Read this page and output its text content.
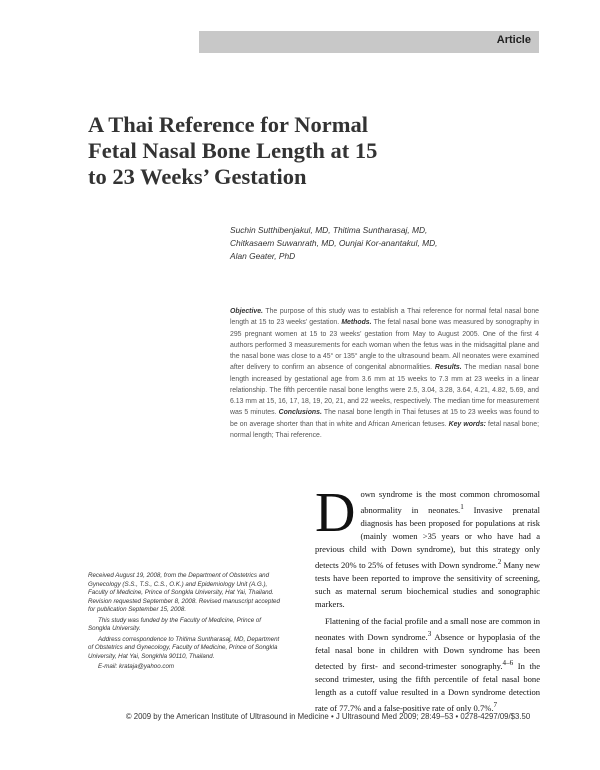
Article
A Thai Reference for Normal
Fetal Nasal Bone Length at 15
to 23 Weeks’ Gestation
Suchin Sutthibenjakul, MD, Thitima Suntharasaj, MD,
Chitkasaem Suwanrath, MD, Ounjai Kor-anantakul, MD,
Alan Geater, PhD

Objective. The purpose of this study was to establish a Thai reference for normal fetal nasal bone length at 15 to 23 weeks’ gestation. Methods. The fetal nasal bone was measured by sonography in 295 pregnant women at 15 to 23 weeks’ gestation from May to August 2005. One of the first 4 authors performed 3 measurements for each woman when the fetus was in the midsagittal plane and the nasal bone was close to a 45° or 135° angle to the ultrasound beam. All neonates were examined after delivery to confirm an absence of congenital abnormalities. Results. The median nasal bone length increased by gestational age from 3.6 mm at 15 weeks to 7.3 mm at 23 weeks in a linear relationship. The fifth percentile nasal bone lengths were 2.5, 3.04, 3.28, 3.64, 4.21, 4.82, 5.69, and 6.13 mm at 15, 16, 17, 18, 19, 20, 21, and 22 weeks, respectively. The median time for measurement was 5 minutes. Conclusions. The nasal bone length in Thai fetuses at 15 to 23 weeks was found to be on average shorter than that in white and African American fetuses. Key words: fetal nasal bone; normal length; Thai reference.

Down syndrome is the most common chromosomal abnormality in neonates.$^1$ Invasive prenatal diagnosis has been proposed for populations at risk (mainly women >35 years or who have had a previous child with Down syndrome), but this strategy only detects 20% to 25% of fetuses with Down syndrome.$^2$ Many new tests have been reported to improve the sensitivity of screening, such as maternal serum biochemical studies and sonographic markers.

Flattening of the facial profile and a small nose are common in neonates with Down syndrome.$^3$ Absence or hypoplasia of the fetal nasal bone in children with Down syndrome has been detected by first- and second-trimester sonography.$^{4-6}$ In the second trimester, using the fifth percentile of fetal nasal bone length as a cutoff value resulted in a Down syndrome detection rate of 77.7% and a false-positive rate of only 0.7%.$^7$

Received August 19, 2008, from the Department of Obstetrics and Gynecology (S.S., T.S., C.S., O.K.) and Epidemiology Unit (A.G.), Faculty of Medicine, Prince of Songkla University, Hat Yai, Thailand. Revision requested September 8, 2008. Revised manuscript accepted for publication September 15, 2008.

This study was funded by the Faculty of Medicine, Prince of Songkla University.

Address correspondence to Thitima Suntharasaj, MD, Department of Obstetrics and Gynecology, Faculty of Medicine, Prince of Songkla University, Hat Yai, Songkhla 90110, Thailand.

E-mail: krataja@yahoo.com

© 2009 by the American Institute of Ultrasound in Medicine • J Ultrasound Med 2009; 28:49–53 • 0278-4297/09/$3.50
